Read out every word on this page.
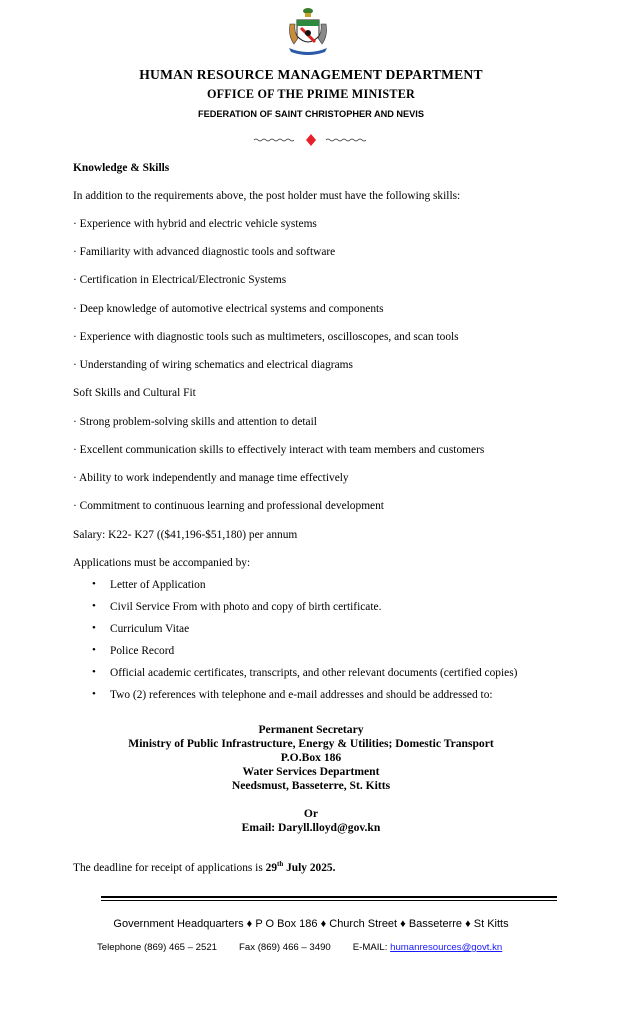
HUMAN RESOURCE MANAGEMENT DEPARTMENT
OFFICE OF THE PRIME MINISTER
FEDERATION OF SAINT CHRISTOPHER AND NEVIS
Knowledge & Skills
In addition to the requirements above, the post holder must have the following skills:
· Experience with hybrid and electric vehicle systems
· Familiarity with advanced diagnostic tools and software
· Certification in Electrical/Electronic Systems
· Deep knowledge of automotive electrical systems and components
· Experience with diagnostic tools such as multimeters, oscilloscopes, and scan tools
· Understanding of wiring schematics and electrical diagrams
Soft Skills and Cultural Fit
· Strong problem-solving skills and attention to detail
· Excellent communication skills to effectively interact with team members and customers
· Ability to work independently and manage time effectively
· Commitment to continuous learning and professional development
Salary: K22- K27 (($41,196-$51,180) per annum
Applications must be accompanied by:
• Letter of Application
• Civil Service From with photo and copy of birth certificate.
• Curriculum Vitae
• Police Record
• Official academic certificates, transcripts, and other relevant documents (certified copies)
• Two (2) references with telephone and e-mail addresses and should be addressed to:
Permanent Secretary
Ministry of Public Infrastructure, Energy & Utilities; Domestic Transport
P.O.Box 186
Water Services Department
Needsmust, Basseterre, St. Kitts
Or
Email: Daryll.lloyd@gov.kn
The deadline for receipt of applications is 29th July 2025.
Government Headquarters ♦ P O Box 186 ♦ Church Street ♦ Basseterre ♦ St Kitts
Telephone (869) 465 – 2521 Fax (869) 466 – 3490 E-MAIL: humanresources@govt.kn
